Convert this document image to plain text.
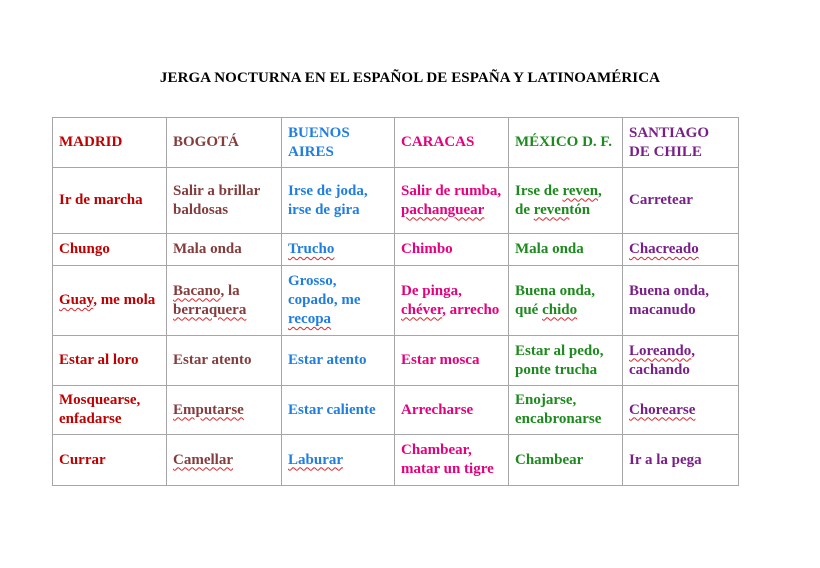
JERGA NOCTURNA EN EL ESPAÑOL DE ESPAÑA Y LATINOAMÉRICA
MADRID	BOGOTÁ	BUENOS AIRES	CARACAS	MÉXICO D. F.	SANTIAGO DE CHILE
Ir de marcha	Salir a brillar baldosas	Irse de joda, irse de gira	Salir de rumba, pachanguear	Irse de reven, de reventón	Carretear
Chungo	Mala onda	Trucho	Chimbo	Mala onda	Chacreado
Guay, me mola	Bacano, la berraquera	Grosso, copado, me recopa	De pinga, chéver, arrecho	Buena onda, qué chido	Buena onda, macanudo
Estar al loro	Estar atento	Estar atento	Estar mosca	Estar al pedo, ponte trucha	Loreando, cachando
Mosquearse, enfadarse	Emputarse	Estar caliente	Arrecharse	Enojarse, encabronarse	Chorearse
Currar	Camellar	Laburar	Chambear, matar un tigre	Chambear	Ir a la pega
